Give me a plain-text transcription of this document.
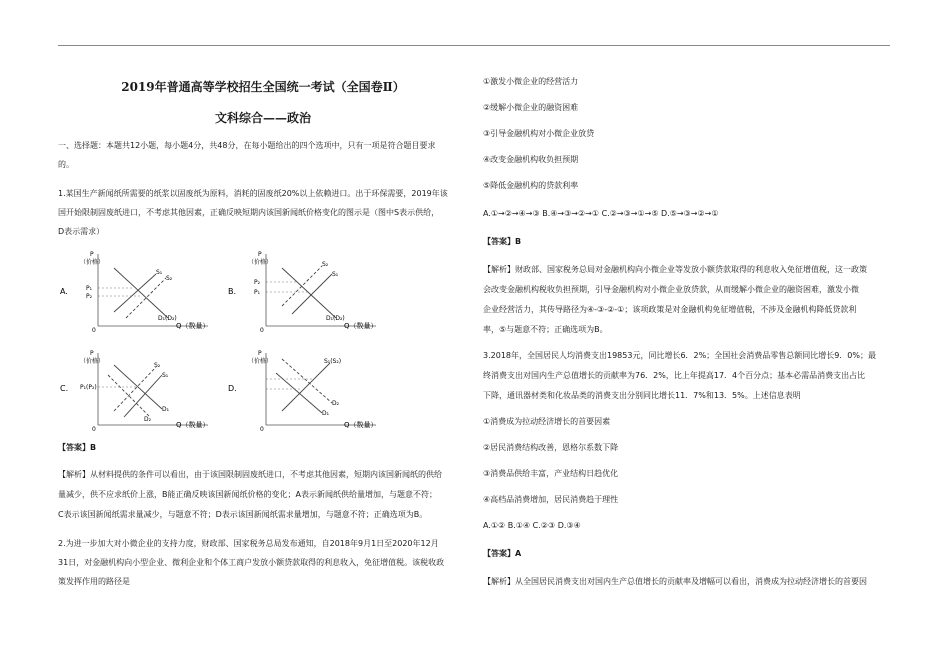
2019年普通高等学校招生全国统一考试（全国卷Ⅱ）
文科综合——政治

一、选择题：本题共12小题，每小题4分，共48分，在每小题给出的四个选项中，只有一项是符合题目要求

的。

1.某国生产新闻纸所需要的纸浆以固废纸为原料，消耗的固废纸20%以上依赖进口。出于环保需要，2019年该

国开始限制固废纸进口，不考虑其他因素，正确反映短期内该国新闻纸价格变化的图示是（图中S表示供给，

D表示需求）

A.
P
（价格）
0
Q（数量）
P₁
P₂
S₁
S₂
D₁(D₂)
B.
P
（价格）
0
Q（数量）
P₂
P₁
S₂
S₁
D₁(D₂)
C.
P
（价格）
0
Q（数量）
P₁(P₂)
S₂
S₁
D₁
D₂
D.
P
（价格）
0
Q（数量）
S₁(S₂)
D₂
D₁

【答案】B

【解析】从材料提供的条件可以看出，由于该国限制固废纸进口，不考虑其他因素，短期内该国新闻纸的供给

量减少，供不应求纸价上涨，B能正确反映该国新闻纸价格的变化；A表示新闻纸供给量增加，与题意不符；

C表示该国新闻纸需求量减少，与题意不符；D表示该国新闻纸需求量增加，与题意不符；正确选项为B。

2.为进一步加大对小微企业的支持力度，财政部、国家税务总局发布通知，自2018年9月1日至2020年12月

31日，对金融机构向小型企业、微利企业和个体工商户发放小额贷款取得的利息收入，免征增值税。该税收政

策发挥作用的路径是

①激发小微企业的经营活力

②缓解小微企业的融资困难

③引导金融机构对小微企业放贷

④改变金融机构收负担预期

⑤降低金融机构的贷款利率

A.①→②→④→③ B.④→③→②→① C.②→③→①→⑤ D.⑤→③→②→①

【答案】B

【解析】财政部、国家税务总局对金融机构向小微企业等发放小额贷款取得的利息收入免征增值税，这一政策

会改变金融机构税收负担预期，引导金融机构对小微企业放贷款，从而缓解小微企业的融资困难，激发小微

企业经营活力，其传导路径为④-③-②-①；该项政策是对金融机构免征增值税，不涉及金融机构降低贷款利

率，⑤与题意不符；正确选项为B。

3.2018年，全国居民人均消费支出19853元，同比增长6．2%；全国社会消费品零售总额同比增长9．0%；最

终消费支出对国内生产总值增长的贡献率为76．2%，比上年提高17．4个百分点；基本必需品消费支出占比

下降，通讯器材类和化妆品类的消费支出分别同比增长11．7%和13．5%。上述信息表明

①消费成为拉动经济增长的首要因素

②居民消费结构改善，恩格尔系数下降

③消费品供给丰富，产业结构日趋优化

④高档品消费增加，居民消费趋于理性

A.①② B.①④ C.②③ D.③④

【答案】A

【解析】从全国居民消费支出对国内生产总值增长的贡献率及增幅可以看出，消费成为拉动经济增长的首要因
